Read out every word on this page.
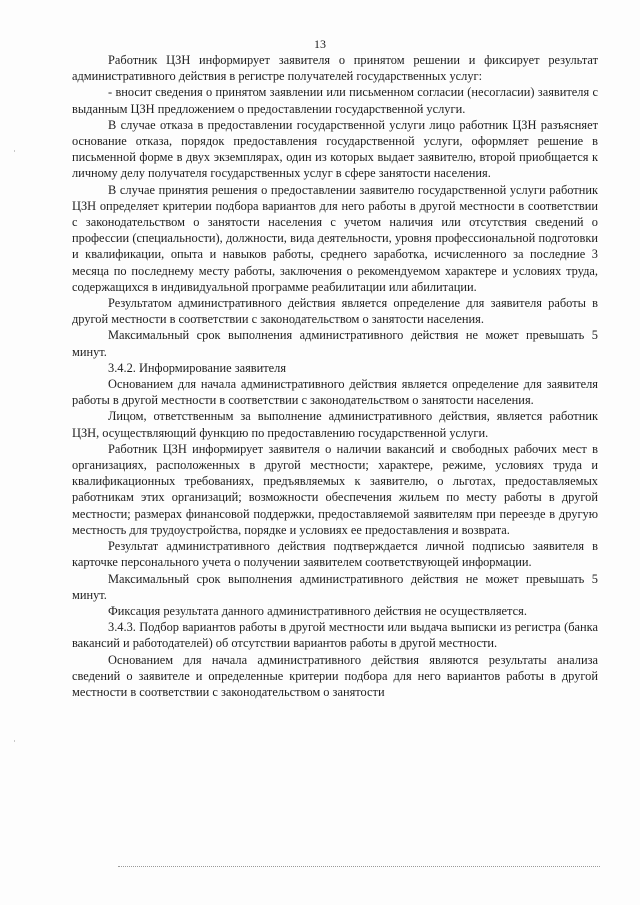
13

Работник ЦЗН информирует заявителя о принятом решении и фиксирует результат административного действия в регистре получателей государственных услуг:

- вносит сведения о принятом заявлении или письменном согласии (несогласии) заявителя с выданным ЦЗН предложением о предоставлении государственной услуги.

В случае отказа в предоставлении государственной услуги лицо работник ЦЗН разъясняет основание отказа, порядок предоставления государственной услуги, оформляет решение в письменной форме в двух экземплярах, один из которых выдает заявителю, второй приобщается к личному делу получателя государственных услуг в сфере занятости населения.

В случае принятия решения о предоставлении заявителю государственной услуги работник ЦЗН определяет критерии подбора вариантов для него работы в другой местности в соответствии с законодательством о занятости населения с учетом наличия или отсутствия сведений о профессии (специальности), должности, вида деятельности, уровня профессиональной подготовки и квалификации, опыта и навыков работы, среднего заработка, исчисленного за последние 3 месяца по последнему месту работы, заключения о рекомендуемом характере и условиях труда, содержащихся в индивидуальной программе реабилитации или абилитации.

Результатом административного действия является определение для заявителя работы в другой местности в соответствии с законодательством о занятости населения.

Максимальный срок выполнения административного действия не может превышать 5 минут.

3.4.2. Информирование заявителя

Основанием для начала административного действия является определение для заявителя работы в другой местности в соответствии с законодательством о занятости населения.

Лицом, ответственным за выполнение административного действия, является работник ЦЗН, осуществляющий функцию по предоставлению государственной услуги.

Работник ЦЗН информирует заявителя о наличии вакансий и свободных рабочих мест в организациях, расположенных в другой местности; характере, режиме, условиях труда и квалификационных требованиях, предъявляемых к заявителю, о льготах, предоставляемых работникам этих организаций; возможности обеспечения жильем по месту работы в другой местности; размерах финансовой поддержки, предоставляемой заявителям при переезде в другую местность для трудоустройства, порядке и условиях ее предоставления и возврата.

Результат административного действия подтверждается личной подписью заявителя в карточке персонального учета о получении заявителем соответствующей информации.

Максимальный срок выполнения административного действия не может превышать 5 минут.

Фиксация результата данного административного действия не осуществляется.

3.4.3. Подбор вариантов работы в другой местности или выдача выписки из регистра (банка вакансий и работодателей) об отсутствии вариантов работы в другой местности.

Основанием для начала административного действия являются результаты анализа сведений о заявителе и определенные критерии подбора для него вариантов работы в другой местности в соответствии с законодательством о занятости
